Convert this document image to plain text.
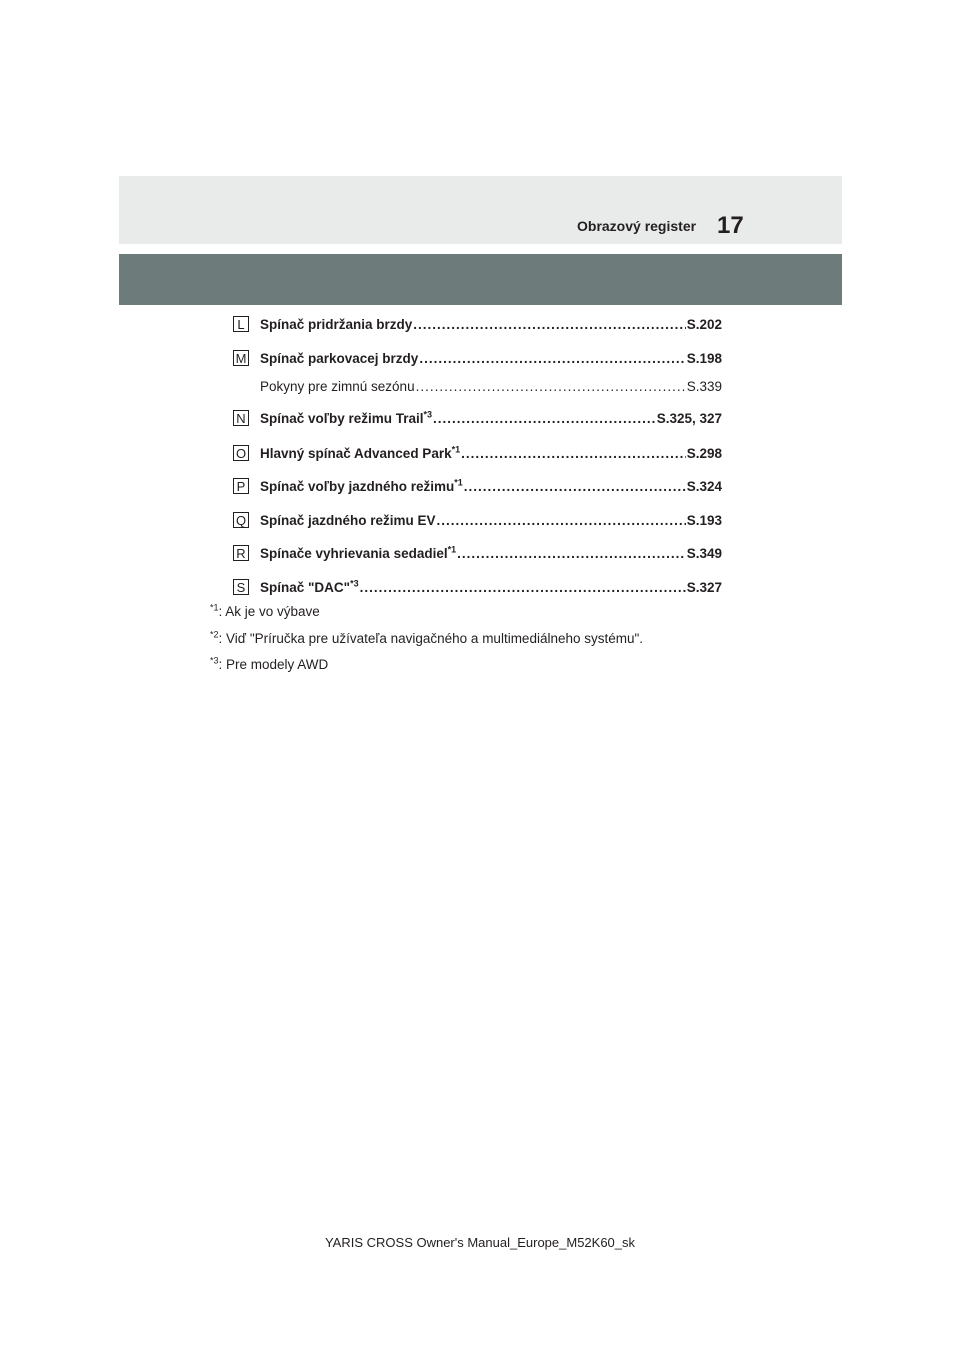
Obrazový register 17
L	Spínač pridržania brzdy .....	S.202
M Spínač parkovacej brzdy .....	S.198
Pokyny pre zimnú sezónu .....	S.339
N Spínač voľby režimu Trail$^{*3}$ .....	S.325, 327
O Hlavný spínač Advanced Park$^{*1}$ .....	S.298
P Spínač voľby jazdného režimu$^{*1}$ .....	S.324
Q Spínač jazdného režimu EV .....	S.193
R Spínače vyhrievania sedadiel$^{*1}$ .....	S.349
S Spínač "DAC"$^{*3}$ .....	S.327
$^{*1}$: Ak je vo výbave
$^{*2}$: Viď "Príručka pre užívateľa navigačného a multimediálneho systému".
$^{*3}$: Pre modely AWD
YARIS CROSS Owner's Manual_Europe_M52K60_sk
